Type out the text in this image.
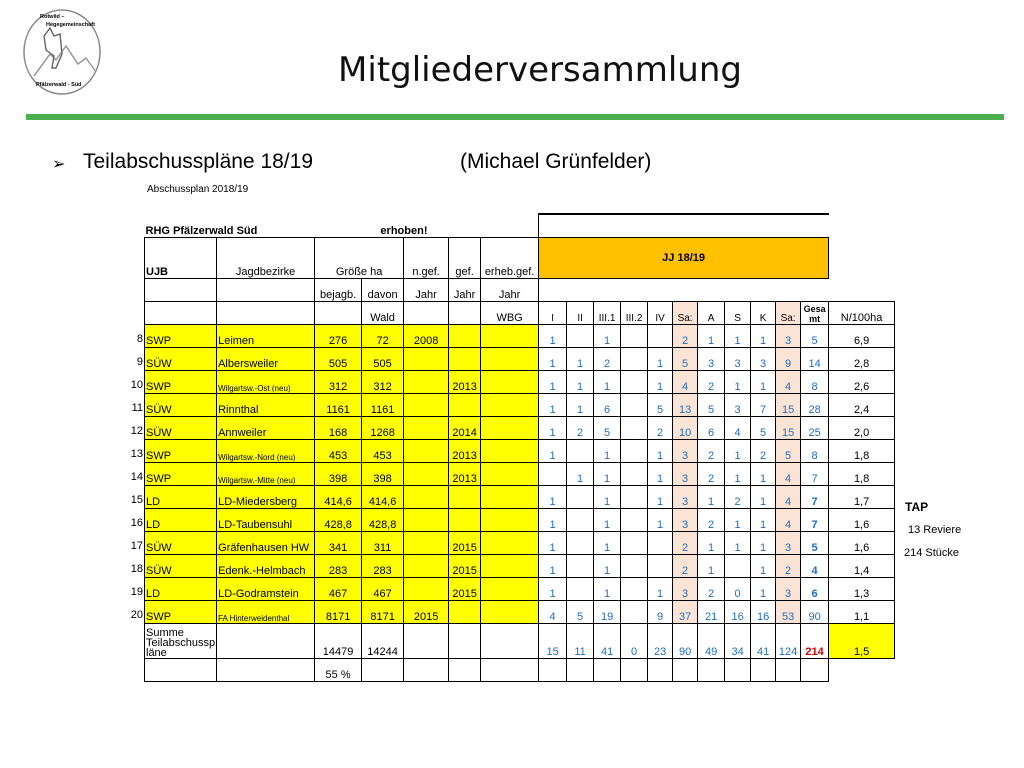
Rotwild –
Hegegemeinschaft
Pfälzerwald - Süd	Mitgliederversammlung
➢ Teilabschusspläne 18/19	(Michael Grünfelder)
Abschussplan 2018/19
RHG Pfälzerwald Süd erhoben!																		
UJB	Jagdbezirke	Größe ha		n.gef.	gef.	erheb.gef.	JJ 18/19											
		bejagb.	davon	Jahr	Jahr	Jahr												
			Wald			WBG	I	II	III.1	III.2	IV	Sa:	A	S	K	Sa:	Gesa mt	N/100ha

8 SWP	Leimen	276	72	2008			1		1			2	1	1	1	3	5	6,9

9 SÜW	Albersweiler	505	505				1	1	2		1	5	3	3	3	9	14	2,8

10 SWP	Wilgartsw.-Ost (neu)	312	312		2013		1	1	1		1	4	2	1	1	4	8	2,6

11 SÜW	Rinnthal	1161	1161				1	1	6		5	13	5	3	7	15	28	2,4

12 SÜW	Annweiler	168	1268		2014		1	2	5		2	10	6	4	5	15	25	2,0

13 SWP	Wilgartsw.-Nord (neu)	453	453		2013		1		1		1	3	2	1	2	5	8	1,8

14 SWP	Wilgartsw.-Mitte (neu)	398	398		2013			1	1		1	3	2	1	1	4	7	1,8

15 LD	LD-Miedersberg	414,6	414,6				1		1		1	3	1	2	1	4	7	1,7

16 LD	LD-Taubensuhl	428,8	428,8				1		1		1	3	2	1	1	4	7	1,6

17 SÜW	Gräfenhausen HW	341	311		2015		1		1			2	1	1	1	3	5	1,6

18 SÜW	Edenk.-Helmbach	283	283		2015		1		1			2	1		1	2	4	1,4

19 LD	LD-Godramstein	467	467		2015		1		1		1	3	2	0	1	3	6	1,3

20 SWP	FA Hinterweidenthal	8171	8171	2015			4	5	19		9	37	21	16	16	53	90	1,1
Summe Teilabschussp läne		14479	14244				15	11	41	0	23	90	49	34	41	124	214	1,5
		55 %																
TAP
13 Reviere
214 Stücke
